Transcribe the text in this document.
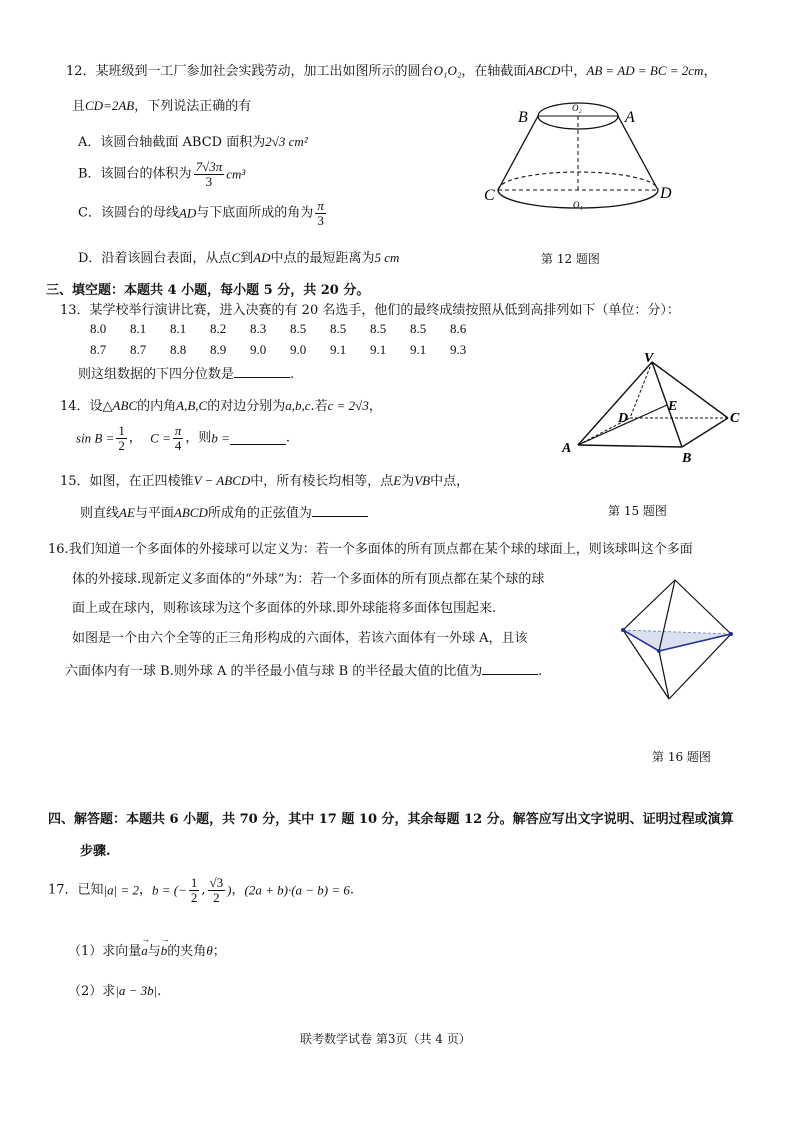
12．某班级到一工厂参加社会实践劳动，加工出如图所示的圆台O₁O₂，在轴截面ABCD中，AB = AD = BC = 2cm，
且CD=2AB，下列说法正确的有
A．该圆台轴截面 ABCD 面积为2√3 cm²
B．该圆台的体积为 $\frac{7√3\pi}{3} cm^3$
C．该圆台的母线AD与下底面所成的角为 $\frac{\pi}{3}$
D．沿着该圆台表面，从点C到AD中点的最短距离为5 cm
B	A
C	D
O₂
O₁
第 12 题图
三、填空题：本题共 4 小题，每小题 5 分，共 20 分。
13．某学校举行演讲比赛，进入决赛的有 20 名选手，他们的最终成绩按照从低到高排列如下（单位：分）：
8.0 8.1 8.1 8.2 8.3 8.5 8.5 8.5 8.5 8.6
8.7 8.7 8.8 8.9 9.0 9.0 9.1 9.1 9.1 9.3
则这组数据的下四分位数是	.
14．设△ABC的内角A,B,C的对边分别为a,b,c.若c = 2√3，
$\sin B = \frac{1}{2}$ ，  $C = \frac{\pi}{4}$ ，则b =	.
V
E
D	C
A
B
15．如图，在正四棱锥V − ABCD中，所有棱长均相等，点E为VB中点，
则直线AE与平面ABCD所成角的正弦值为	第 15 题图
16.我们知道一个多面体的外接球可以定义为：若一个多面体的所有顶点都在某个球的球面上，则该球叫这个多面
体的外接球.现新定义多面体的“外球”为：若一个多面体的所有顶点都在某个球的球
面上或在球内，则称该球为这个多面体的外球.即外球能将多面体包围起来.
如图是一个由六个全等的正三角形构成的六面体，若该六面体有一外球 A，且该
六面体内有一球 B.则外球 A 的半径最小值与球 B 的半径最大值的比值为	.
第 16 题图
四、解答题：本题共 6 小题，共 70 分，其中 17 题 10 分，其余每题 12 分。解答应写出文字说明、证明过程或演算
步骤.
17．已知|a| = 2，b = (− $\frac{1}{2}$ , $\frac{√3}{2}$ )，(2a + b)·(a − b) = 6.
（1）求向量→ a与→ b的夹角θ；
（2）求|a − 3b|.
联考数学试卷 第3页（共 4 页）
